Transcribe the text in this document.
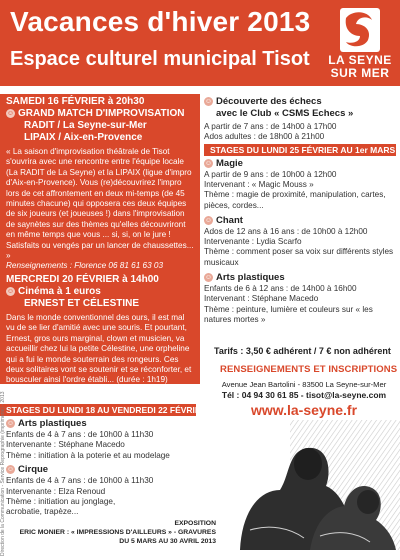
Vacances d'hiver 2013
Espace culturel municipal Tisot LA SEYNE
SUR MER
SAMEDI 16 FÉVRIER à 20h30
☺ GRAND MATCH D'IMPROVISATION
RADIT / La Seyne-sur-Mer
LIPAIX / Aix-en-Provence
« La saison d'improvisation théâtrale de Tisot s'ouvrira avec une rencontre entre l'équipe locale (La RADIT de La Seyne) et la LIPAIX (ligue d'impro d'Aix-en-Provence). Vous (re)découvrirez l'impro lors de cet affrontement en deux mi-temps (de 45 minutes chacune) qui opposera ces deux équipes de six joueurs (et joueuses !) dans l'improvisation de saynètes sur des thèmes qu'elles découvriront en même temps que vous ... si, si, on le jure ! Satisfaits ou vengés par un lancer de chaussettes... »
Renseignements : Florence 06 81 61 63 03
MERCREDI 20 FÉVRIER à 14h00
☺ Cinéma à 1 euros
ERNEST ET CÉLESTINE
Dans le monde conventionnel des ours, il est mal vu de se lier d'amitié avec une souris. Et pourtant, Ernest, gros ours marginal, clown et musicien, va accueillir chez lui la petite Célestine, une orpheline qui a fui le monde souterrain des rongeurs. Ces deux solitaires vont se soutenir et se réconforter, et bousculer ainsi l'ordre établi... (durée : 1h19)
STAGES DU LUNDI 18 AU VENDREDI 22 FÉVRIER
☺ Arts plastiques
Enfants de 4 à 7 ans : de 10h00 à 11h30
Intervenante : Stéphane Macedo
Thème : initiation à la poterie et au modelage
☺ Cirque
Enfants de 4 à 7 ans : de 10h00 à 11h30
Intervenante : Elza Renoud
Thème : initiation au jonglage, acrobatie, trapèze...
☺ Découverte des échecs
avec le Club « CSMS Echecs »
A partir de 7 ans : de 14h00 à 17h00
Ados adultes : de 18h00 à 21h00
STAGES DU LUNDI 25 FÉVRIER AU 1er MARS
☺ Magie
A partir de 9 ans : de 10h00 à 12h00
Intervenant : « Magic Mouss »
Thème : magie de proximité, manipulation, cartes, pièces, cordes...
☺ Chant
Ados de 12 ans à 16 ans : de 10h00 à 12h00
Intervenante : Lydia Scarfo
Thème : comment poser sa voix sur différents styles musicaux
☺ Arts plastiques
Enfants de 6 à 12 ans : de 14h00 à 16h00
Intervenant : Stéphane Macedo
Thème : peinture, lumière et couleurs sur « les natures mortes »
Tarifs : 3,50 € adhérent / 7 € non adhérent
RENSEIGNEMENTS ET INSCRIPTIONS
Avenue Jean Bartolini - 83500 La Seyne-sur-Mer
Tél : 04 94 30 61 85 - tisot@la-seyne.com
www.la-seyne.fr
EXPOSITION
ERIC MONIER : « IMPRESSIONS D'AILLEURS » - GRAVURES
DU 5 MARS AU 30 AVRIL 2013
Direction de la Communication - Service Reprographie (imprimerie) - 2013
